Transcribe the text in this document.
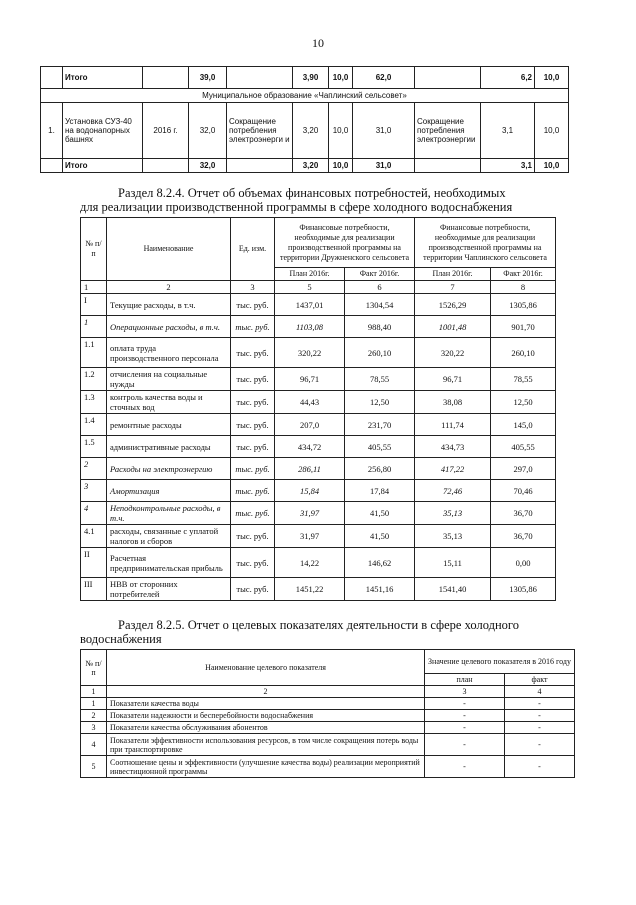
10
	Итого		39,0		3,90	10,0	62,0		6,2	10,0
Муниципальное образование «Чаплинский сельсовет»										
1.	Установка СУЗ-40 на водонапорных башнях	2016 г.	32,0	Сокращение потребления электроэнерги и	3,20	10,0	31,0	Сокращение потребления электроэнергии	3,1	10,0
	Итого		32,0		3,20	10,0	31,0		3,1	10,0
Раздел 8.2.4. Отчет об объемах финансовых потребностей, необходимых
для реализации производственной программы в сфере холодного водоснабжения
№ п/п	Наименование	Ед. изм.	Финансовые потребности, необходимые для реализации производственной программы на территории Дружненского сельсовета		Финансовые потребности, необходимые для реализации производственной программы на территории Чаплинского сельсовета	
			План 2016г.	Факт 2016г.	План 2016г.	Факт 2016г.
1	2	3	5	6	7	8
I	Текущие расходы, в т.ч.	тыс. руб.	1437,01	1304,54	1526,29	1305,86
1	Операционные расходы, в т.ч.	тыс. руб.	1103,08	988,40	1001,48	901,70
1.1	оплата труда производственного персонала	тыс. руб.	320,22	260,10	320,22	260,10
1.2	отчисления на социальные нужды	тыс. руб.	96,71	78,55	96,71	78,55
1.3	контроль качества воды и сточных вод	тыс. руб.	44,43	12,50	38,08	12,50
1.4	ремонтные расходы	тыс. руб.	207,0	231,70	111,74	145,0
1.5	административные расходы	тыс. руб.	434,72	405,55	434,73	405,55
2	Расходы на электроэнергию	тыс. руб.	286,11	256,80	417,22	297,0
3	Амортизация	тыс. руб.	15,84	17,84	72,46	70,46
4	Неподконтрольные расходы, в т.ч.	тыс. руб.	31,97	41,50	35,13	36,70
4.1	расходы, связанные с уплатой налогов и сборов	тыс. руб.	31,97	41,50	35,13	36,70
II	Расчетная предпринимательская прибыль	тыс. руб.	14,22	146,62	15,11	0,00
III	НВВ от сторонних потребителей	тыс. руб.	1451,22	1451,16	1541,40	1305,86
Раздел 8.2.5. Отчет о целевых показателях деятельности в сфере холодного
водоснабжения
№ п/п	Наименование целевого показателя	Значение целевого показателя в 2016 году	
		план	факт
1	2	3	4
1	Показатели качества воды	-	-
2	Показатели надежности и бесперебойности водоснабжения	-	-
3	Показатели качества обслуживания абонентов	-	-
4	Показатели эффективности использования ресурсов, в том числе сокращения потерь воды при транспортировке	-	-
5	Соотношение цены и эффективности (улучшение качества воды) реализации мероприятий инвестиционной программы	-	-
